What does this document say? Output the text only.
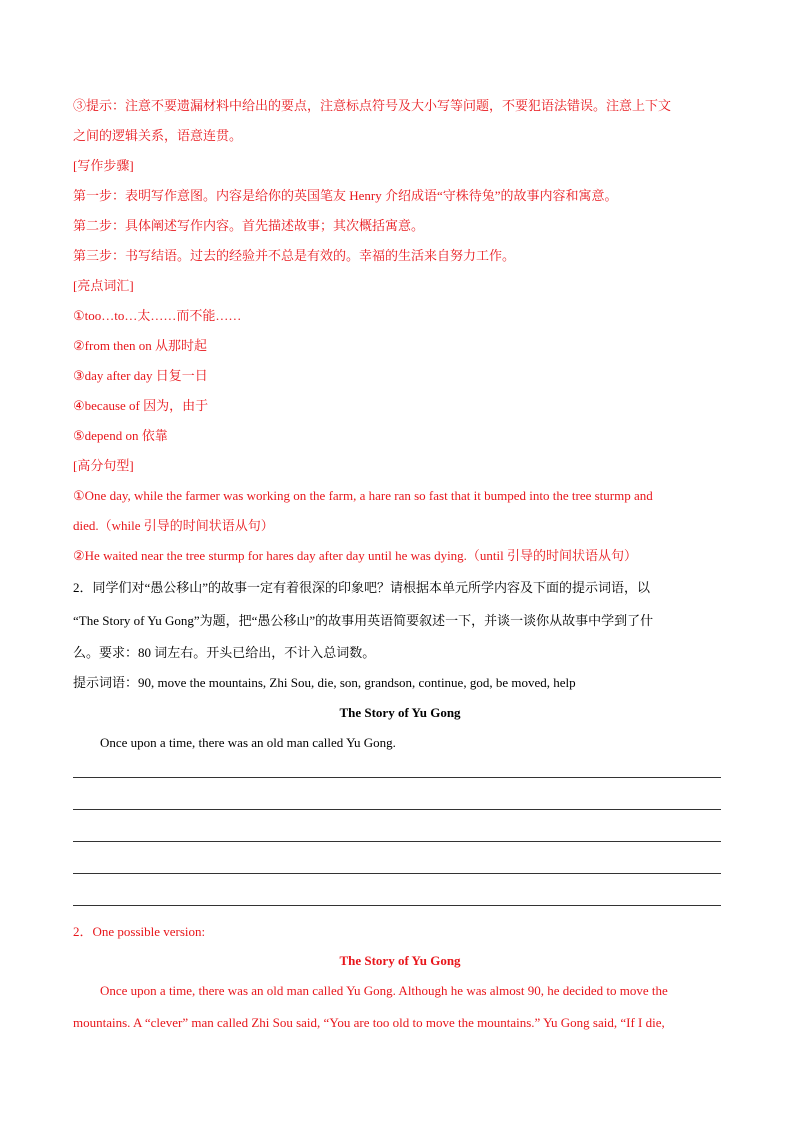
③提示：注意不要遗漏材料中给出的要点，注意标点符号及大小写等问题，不要犯语法错误。注意上下文
之间的逻辑关系，语意连贯。
[写作步骤]
第一步：表明写作意图。内容是给你的英国笔友 Henry 介绍成语“守株待兔”的故事内容和寓意。
第二步：具体阐述写作内容。首先描述故事；其次概括寓意。
第三步：书写结语。过去的经验并不总是有效的。幸福的生活来自努力工作。
[亮点词汇]
①too…to…太……而不能……
②from then on 从那时起
③day after day 日复一日
④because of 因为，由于
⑤depend on 依靠
[高分句型]
①One day, while the farmer was working on the farm, a hare ran so fast that it bumped into the tree sturmp and
died.（while 引导的时间状语从句）
②He waited near the tree sturmp for hares day after day until he was dying.（until 引导的时间状语从句）
2．同学们对“愚公移山”的故事一定有着很深的印象吧？请根据本单元所学内容及下面的提示词语，以
“The Story of Yu Gong”为题，把“愚公移山”的故事用英语简要叙述一下，并谈一谈你从故事中学到了什
么。要求：80 词左右。开头已给出，不计入总词数。
提示词语：90, move the mountains, Zhi Sou, die, son, grandson, continue, god, be moved, help
The Story of Yu Gong
Once upon a time, there was an old man called Yu Gong.
2．One possible version:
The Story of Yu Gong
Once upon a time, there was an old man called Yu Gong. Although he was almost 90, he decided to move the
mountains. A “clever” man called Zhi Sou said, “You are too old to move the mountains.” Yu Gong said, “If I die,
